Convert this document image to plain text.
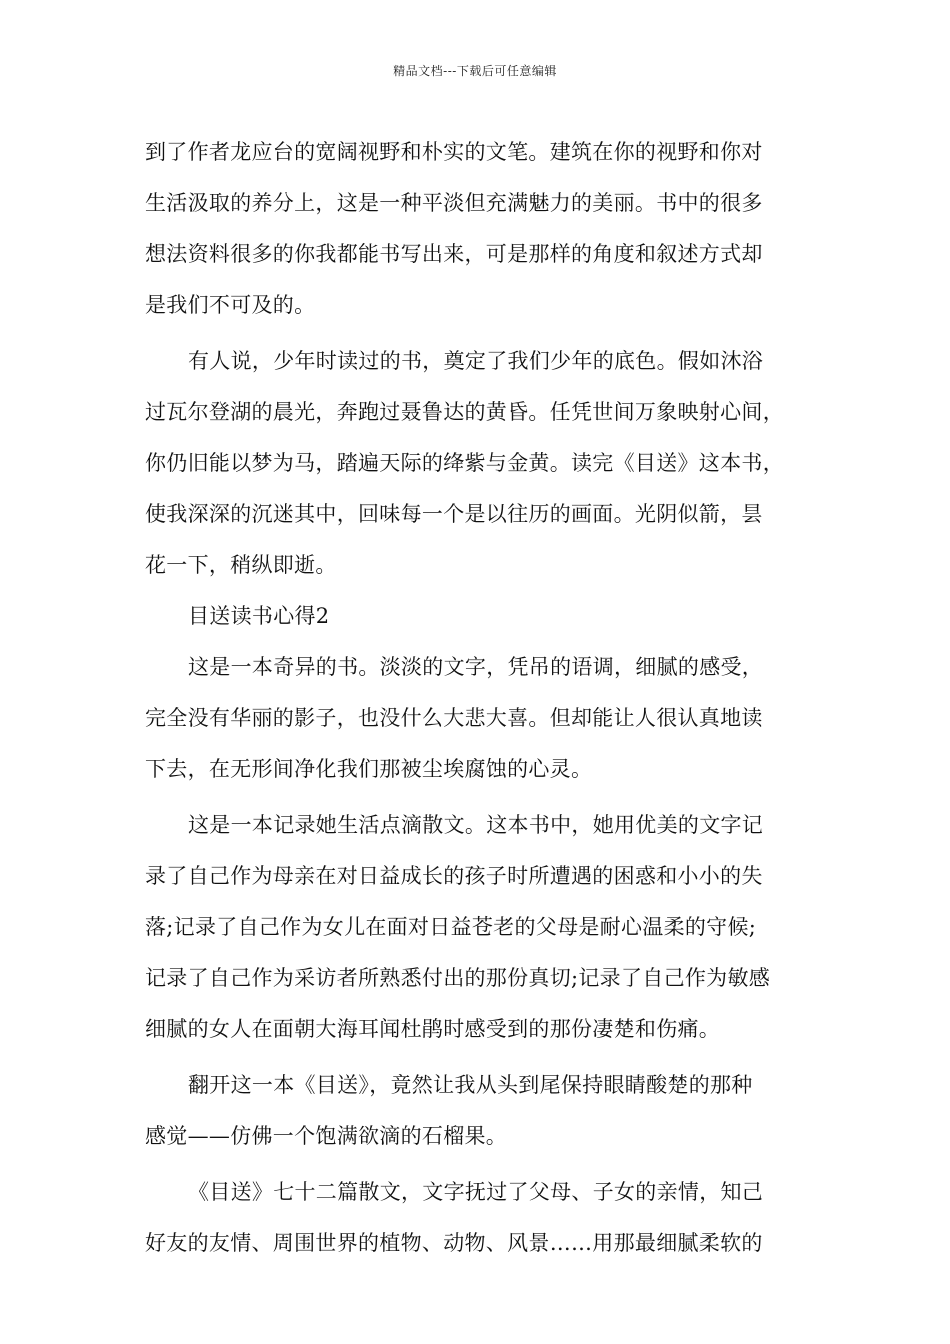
精品文档---下载后可任意编辑
到了作者龙应台的宽阔视野和朴实的文笔。建筑在你的视野和你对
生活汲取的养分上，这是一种平淡但充满魅力的美丽。书中的很多
想法资料很多的你我都能书写出来，可是那样的角度和叙述方式却
是我们不可及的。
有人说，少年时读过的书，奠定了我们少年的底色。假如沐浴
过瓦尔登湖的晨光，奔跑过聂鲁达的黄昏。任凭世间万象映射心间，
你仍旧能以梦为马，踏遍天际的绛紫与金黄。读完《目送》这本书，
使我深深的沉迷其中，回味每一个是以往历的画面。光阴似箭，昙
花一下，稍纵即逝。
目送读书心得2
这是一本奇异的书。淡淡的文字，凭吊的语调，细腻的感受，
完全没有华丽的影子，也没什么大悲大喜。但却能让人很认真地读
下去，在无形间净化我们那被尘埃腐蚀的心灵。
这是一本记录她生活点滴散文。这本书中，她用优美的文字记
录了自己作为母亲在对日益成长的孩子时所遭遇的困惑和小小的失
落;记录了自己作为女儿在面对日益苍老的父母是耐心温柔的守候;
记录了自己作为采访者所熟悉付出的那份真切;记录了自己作为敏感
细腻的女人在面朝大海耳闻杜鹃时感受到的那份凄楚和伤痛。
翻开这一本《目送》，竟然让我从头到尾保持眼睛酸楚的那种
感觉——仿佛一个饱满欲滴的石榴果。
《目送》七十二篇散文，文字抚过了父母、子女的亲情，知己
好友的友情、周围世界的植物、动物、风景……用那最细腻柔软的
